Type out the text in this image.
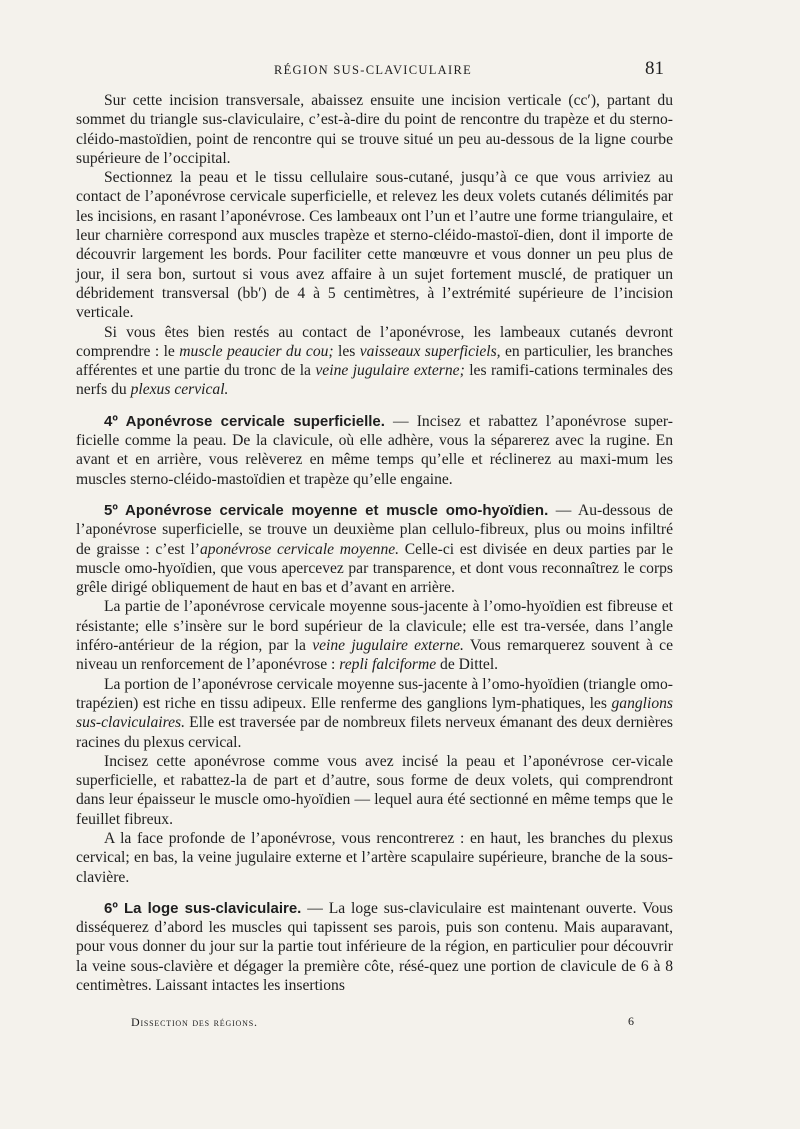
RÉGION SUS-CLAVICULAIRE	81

Sur cette incision transversale, abaissez ensuite une incision verticale (cc′), partant du sommet du triangle sus-claviculaire, c’est-à-dire du point de rencontre du trapèze et du sterno-cléido-mastoïdien, point de rencontre qui se trouve situé un peu au-dessous de la ligne courbe supérieure de l’occipital.

Sectionnez la peau et le tissu cellulaire sous-cutané, jusqu’à ce que vous arriviez au contact de l’aponévrose cervicale superficielle, et relevez les deux volets cutanés délimités par les incisions, en rasant l’aponévrose. Ces lambeaux ont l’un et l’autre une forme triangulaire, et leur charnière correspond aux muscles trapèze et sterno-cléido-mastoï-dien, dont il importe de découvrir largement les bords. Pour faciliter cette manœuvre et vous donner un peu plus de jour, il sera bon, surtout si vous avez affaire à un sujet fortement musclé, de pratiquer un débridement transversal (bb′) de 4 à 5 centimètres, à l’extrémité supérieure de l’incision verticale.

Si vous êtes bien restés au contact de l’aponévrose, les lambeaux cutanés devront comprendre : le muscle peaucier du cou; les vaisseaux superficiels, en particulier, les branches afférentes et une partie du tronc de la veine jugulaire externe; les ramifi-cations terminales des nerfs du plexus cervical.

4º Aponévrose cervicale superficielle. — Incisez et rabattez l’aponévrose super-ficielle comme la peau. De la clavicule, où elle adhère, vous la séparerez avec la rugine. En avant et en arrière, vous relèverez en même temps qu’elle et réclinerez au maxi-mum les muscles sterno-cléido-mastoïdien et trapèze qu’elle engaine.

5º Aponévrose cervicale moyenne et muscle omo-hyoïdien. — Au-dessous de l’aponévrose superficielle, se trouve un deuxième plan cellulo-fibreux, plus ou moins infiltré de graisse : c’est l’aponévrose cervicale moyenne. Celle-ci est divisée en deux parties par le muscle omo-hyoïdien, que vous apercevez par transparence, et dont vous reconnaîtrez le corps grêle dirigé obliquement de haut en bas et d’avant en arrière.

La partie de l’aponévrose cervicale moyenne sous-jacente à l’omo-hyoïdien est fibreuse et résistante; elle s’insère sur le bord supérieur de la clavicule; elle est tra-versée, dans l’angle inféro-antérieur de la région, par la veine jugulaire externe. Vous remarquerez souvent à ce niveau un renforcement de l’aponévrose : repli falciforme de Dittel.

La portion de l’aponévrose cervicale moyenne sus-jacente à l’omo-hyoïdien (triangle omo-trapézien) est riche en tissu adipeux. Elle renferme des ganglions lym-phatiques, les ganglions sus-claviculaires. Elle est traversée par de nombreux filets nerveux émanant des deux dernières racines du plexus cervical.

Incisez cette aponévrose comme vous avez incisé la peau et l’aponévrose cer-vicale superficielle, et rabattez-la de part et d’autre, sous forme de deux volets, qui comprendront dans leur épaisseur le muscle omo-hyoïdien — lequel aura été sectionné en même temps que le feuillet fibreux.

A la face profonde de l’aponévrose, vous rencontrerez : en haut, les branches du plexus cervical; en bas, la veine jugulaire externe et l’artère scapulaire supérieure, branche de la sous-clavière.

6º La loge sus-claviculaire. — La loge sus-claviculaire est maintenant ouverte. Vous disséquerez d’abord les muscles qui tapissent ses parois, puis son contenu. Mais auparavant, pour vous donner du jour sur la partie tout inférieure de la région, en particulier pour découvrir la veine sous-clavière et dégager la première côte, résé-quez une portion de clavicule de 6 à 8 centimètres. Laissant intactes les insertions

Dissection des régions.	6
